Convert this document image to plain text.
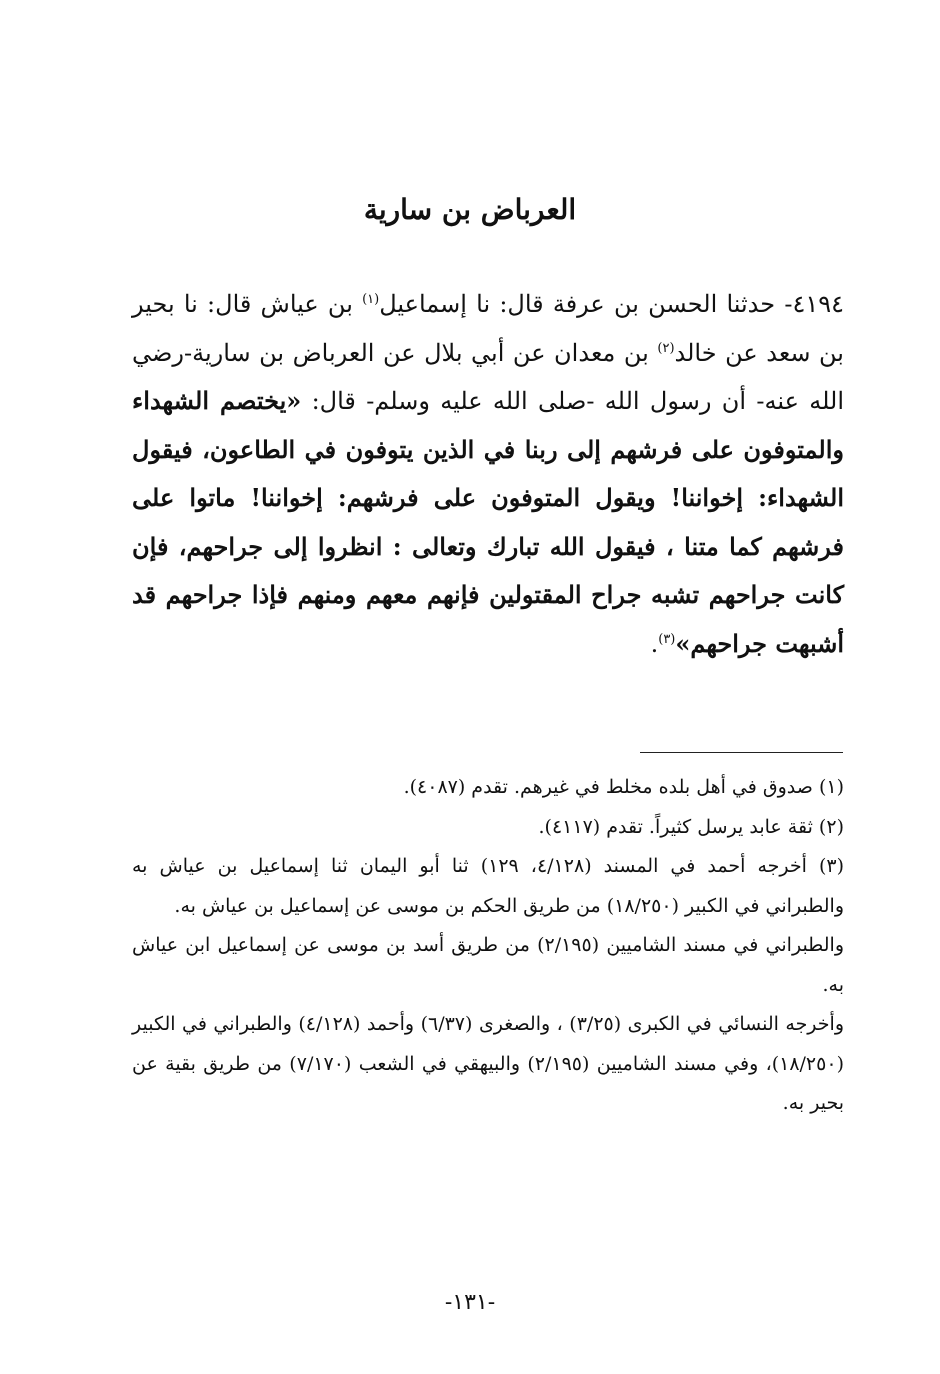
العرباض بن سارية
٤١٩٤- حدثنا الحسن بن عرفة قال: نا إسماعيل$^{(١)}$ بن عياش قال: نا بحير بن سعد عن خالد$^{(٢)}$ بن معدان عن أبي بلال عن العرباض بن سارية-رضي الله عنه- أن رسول الله -صلى الله عليه وسلم- قال: «يختصم الشهداء والمتوفون على فرشهم إلى ربنا في الذين يتوفون في الطاعون، فيقول الشهداء: إخواننا! ويقول المتوفون على فرشهم: إخواننا! ماتوا على فرشهم كما متنا ، فيقول الله تبارك وتعالى : انظروا إلى جراحهم، فإن كانت جراحهم تشبه جراح المقتولين فإنهم معهم ومنهم فإذا جراحهم قد أشبهت جراحهم»$^{(٣)}$.

(١) صدوق في أهل بلده مخلط في غيرهم. تقدم (٤٠٨٧).

(٢) ثقة عابد يرسل كثيراً. تقدم (٤١١٧).

(٣) أخرجه أحمد في المسند (٤/١٢٨، ١٢٩) ثنا أبو اليمان ثنا إسماعيل بن عياش به والطبراني في الكبير (١٨/٢٥٠) من طريق الحكم بن موسى عن إسماعيل بن عياش به.

والطبراني في مسند الشاميين (٢/١٩٥) من طريق أسد بن موسى عن إسماعيل ابن عياش به.

وأخرجه النسائي في الكبرى (٣/٢٥) ، والصغرى (٦/٣٧) وأحمد (٤/١٢٨) والطبراني في الكبير (١٨/٢٥٠)، وفي مسند الشاميين (٢/١٩٥) والبيهقي في الشعب (٧/١٧٠) من طريق بقية عن بحير به.

-١٣١-
